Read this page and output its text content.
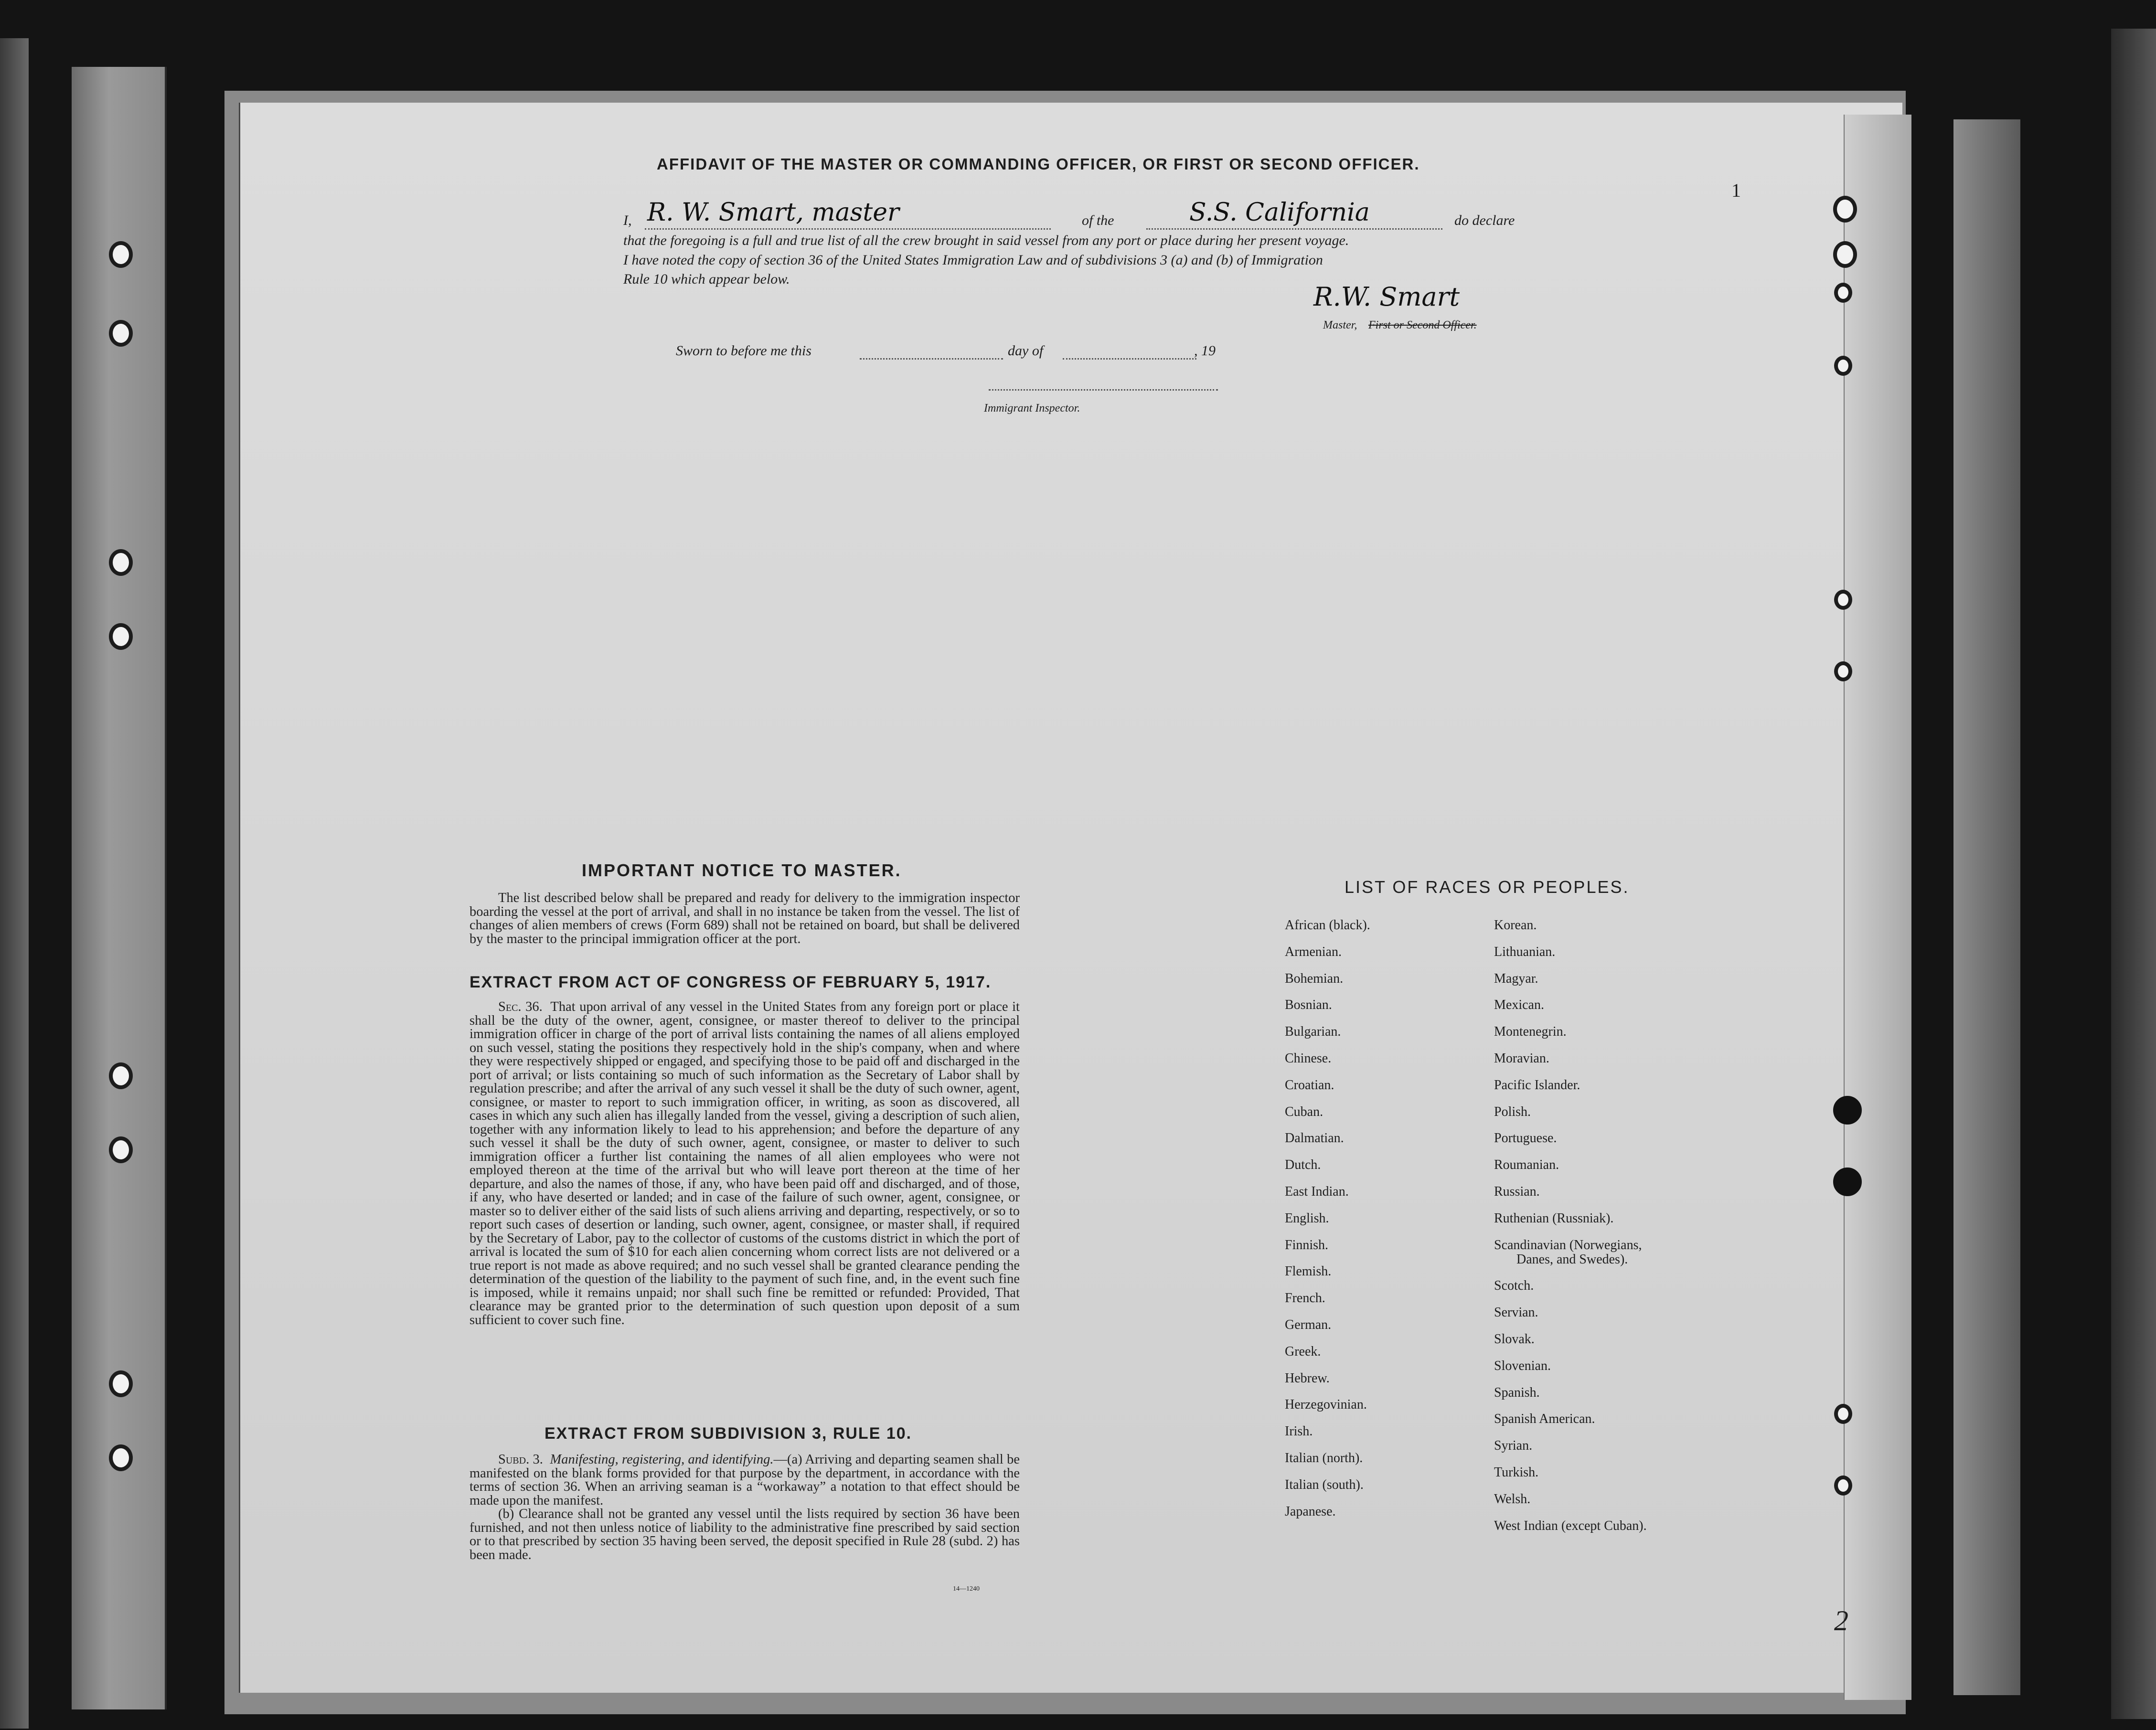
1
2
AFFIDAVIT OF THE MASTER OR COMMANDING OFFICER, OR FIRST OR SECOND OFFICER.
I, R. W. Smart, master	of the	S.S. California	do declare
that the foregoing is a full and true list of all the crew brought in said vessel from any port or place during her present voyage.
I have noted the copy of section 36 of the United States Immigration Law and of subdivisions 3 (a) and (b) of Immigration
Rule 10 which appear below.
R.W. Smart
Master, First or Second Officer.
Sworn to before me this	day of	, 19
Immigrant Inspector.
IMPORTANT NOTICE TO MASTER.
The list described below shall be prepared and ready for delivery to the immigration inspector boarding the vessel at the port of arrival, and shall in no instance be taken from the vessel. The list of changes of alien members of crews (Form 689) shall not be retained on board, but shall be delivered by the master to the principal immigration officer at the port.
EXTRACT FROM ACT OF CONGRESS OF FEBRUARY 5, 1917.

Sec. 36. That upon arrival of any vessel in the United States from any foreign port or place it shall be the duty of the owner, agent, consignee, or master thereof to deliver to the principal immigration officer in charge of the port of arrival lists containing the names of all aliens employed on such vessel, stating the positions they respectively hold in the ship's company, when and where they were respectively shipped or engaged, and specifying those to be paid off and discharged in the port of arrival; or lists containing so much of such information as the Secretary of Labor shall by regulation prescribe; and after the arrival of any such vessel it shall be the duty of such owner, agent, consignee, or master to report to such immigration officer, in writing, as soon as discovered, all cases in which any such alien has illegally landed from the vessel, giving a description of such alien, together with any information likely to lead to his apprehension; and before the departure of any such vessel it shall be the duty of such owner, agent, consignee, or master to deliver to such immigration officer a further list containing the names of all alien employees who were not employed thereon at the time of the arrival but who will leave port thereon at the time of her departure, and also the names of those, if any, who have been paid off and discharged, and of those, if any, who have deserted or landed; and in case of the failure of such owner, agent, consignee, or master so to deliver either of the said lists of such aliens arriving and departing, respectively, or so to report such cases of desertion or landing, such owner, agent, consignee, or master shall, if required by the Secretary of Labor, pay to the collector of customs of the customs district in which the port of arrival is located the sum of $10 for each alien concerning whom correct lists are not delivered or a true report is not made as above required; and no such vessel shall be granted clearance pending the determination of the question of the liability to the payment of such fine, and, in the event such fine is imposed, while it remains unpaid; nor shall such fine be remitted or refunded: Provided, That clearance may be granted prior to the determination of such question upon deposit of a sum sufficient to cover such fine.

EXTRACT FROM SUBDIVISION 3, RULE 10.

Subd. 3. Manifesting, registering, and identifying.—(a) Arriving and departing seamen shall be manifested on the blank forms provided for that purpose by the department, in accordance with the terms of section 36. When an arriving seaman is a “workaway” a notation to that effect should be made upon the manifest.

(b) Clearance shall not be granted any vessel until the lists required by section 36 have been furnished, and not then unless notice of liability to the administrative fine prescribed by said section or to that prescribed by section 35 having been served, the deposit specified in Rule 28 (subd. 2) has been made.

14—1240
LIST OF RACES OR PEOPLES.
African (black).
Armenian.
Bohemian.
Bosnian.
Bulgarian.
Chinese.
Croatian.
Cuban.
Dalmatian.
Dutch.
East Indian.
English.
Finnish.
Flemish.
French.
German.
Greek.
Hebrew.
Herzegovinian.
Irish.
Italian (north).
Italian (south).
Japanese.
Korean.
Lithuanian.
Magyar.
Mexican.
Montenegrin.
Moravian.
Pacific Islander.
Polish.
Portuguese.
Roumanian.
Russian.
Ruthenian (Russniak).
Scandinavian (Norwegians,
Danes, and Swedes).
Scotch.
Servian.
Slovak.
Slovenian.
Spanish.
Spanish American.
Syrian.
Turkish.
Welsh.
West Indian (except Cuban).
